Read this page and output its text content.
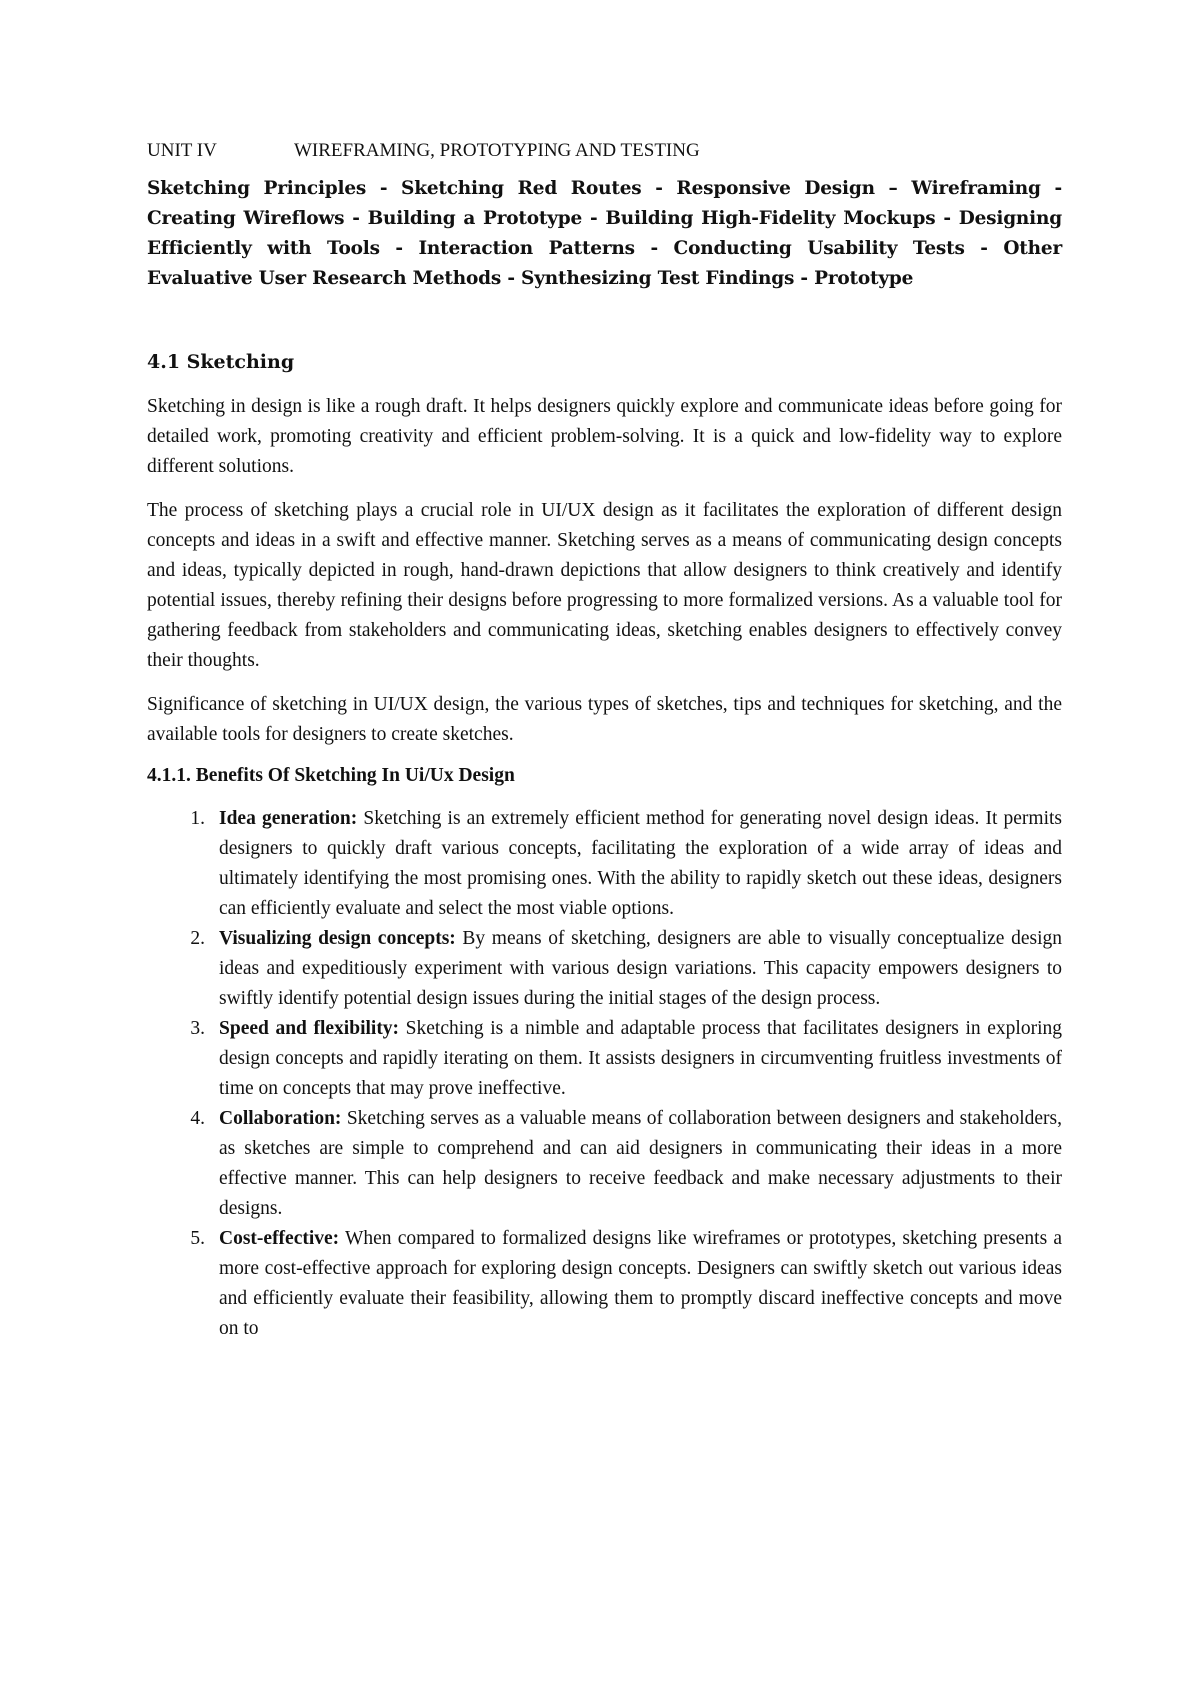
UNIT IV	WIREFRAMING, PROTOTYPING AND TESTING

Sketching Principles - Sketching Red Routes - Responsive Design – Wireframing - Creating Wireflows - Building a Prototype - Building High-Fidelity Mockups - Designing Efficiently with Tools - Interaction Patterns - Conducting Usability Tests - Other Evaluative User Research Methods - Synthesizing Test Findings - Prototype

4.1 Sketching

Sketching in design is like a rough draft. It helps designers quickly explore and communicate ideas before going for detailed work, promoting creativity and efficient problem-solving. It is a quick and low-fidelity way to explore different solutions.

The process of sketching plays a crucial role in UI/UX design as it facilitates the exploration of different design concepts and ideas in a swift and effective manner. Sketching serves as a means of communicating design concepts and ideas, typically depicted in rough, hand-drawn depictions that allow designers to think creatively and identify potential issues, thereby refining their designs before progressing to more formalized versions. As a valuable tool for gathering feedback from stakeholders and communicating ideas, sketching enables designers to effectively convey their thoughts.

Significance of sketching in UI/UX design, the various types of sketches, tips and techniques for sketching, and the available tools for designers to create sketches.

4.1.1. Benefits Of Sketching In Ui/Ux Design
1. Idea generation: Sketching is an extremely efficient method for generating novel design ideas. It permits designers to quickly draft various concepts, facilitating the exploration of a wide array of ideas and ultimately identifying the most promising ones. With the ability to rapidly sketch out these ideas, designers can efficiently evaluate and select the most viable options.
2. Visualizing design concepts: By means of sketching, designers are able to visually conceptualize design ideas and expeditiously experiment with various design variations. This capacity empowers designers to swiftly identify potential design issues during the initial stages of the design process.
3. Speed and flexibility: Sketching is a nimble and adaptable process that facilitates designers in exploring design concepts and rapidly iterating on them. It assists designers in circumventing fruitless investments of time on concepts that may prove ineffective.
4. Collaboration: Sketching serves as a valuable means of collaboration between designers and stakeholders, as sketches are simple to comprehend and can aid designers in communicating their ideas in a more effective manner. This can help designers to receive feedback and make necessary adjustments to their designs.
5. Cost-effective: When compared to formalized designs like wireframes or prototypes, sketching presents a more cost-effective approach for exploring design concepts. Designers can swiftly sketch out various ideas and efficiently evaluate their feasibility, allowing them to promptly discard ineffective concepts and move on to
